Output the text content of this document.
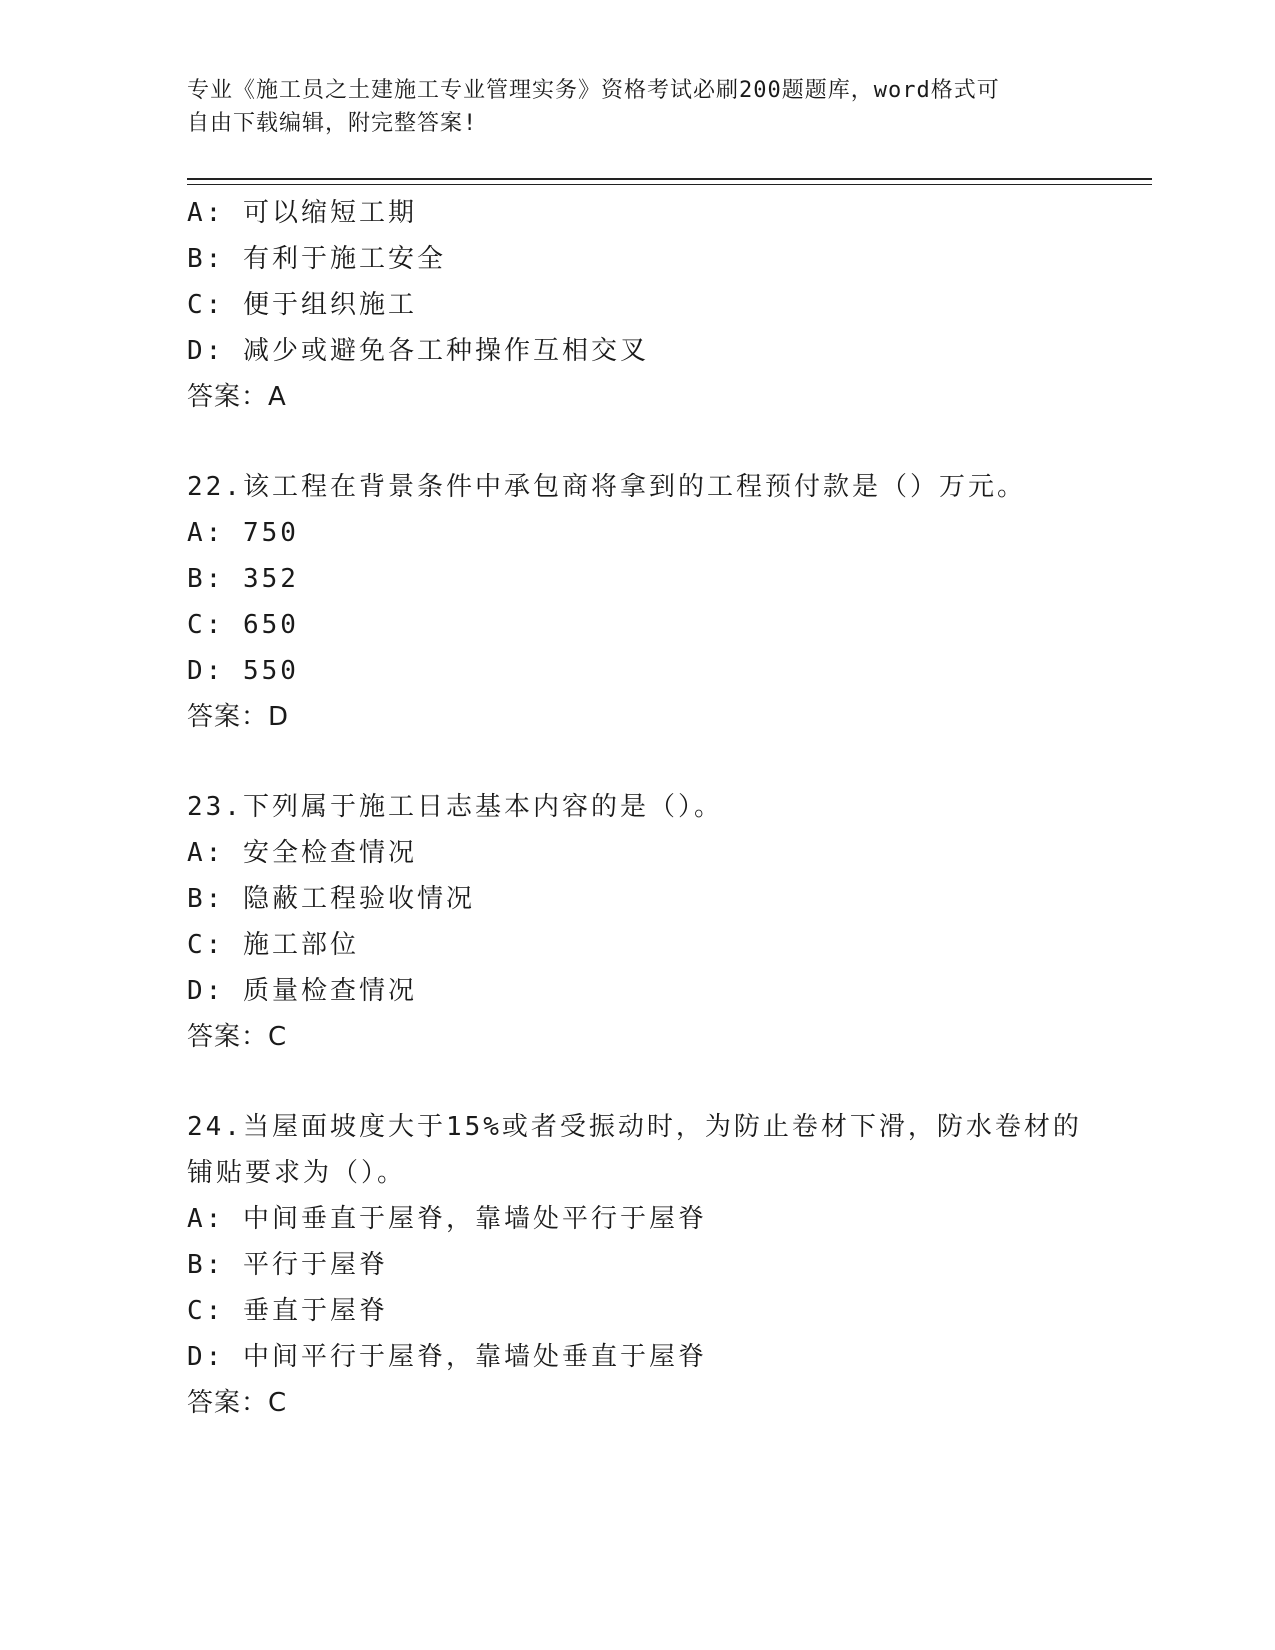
专业《施工员之土建施工专业管理实务》资格考试必刷200题题库，word格式可
自由下载编辑，附完整答案!
A: 可以缩短工期
B: 有利于施工安全
C: 便于组织施工
D: 减少或避免各工种操作互相交叉
答案：A
22.该工程在背景条件中承包商将拿到的工程预付款是（）万元。
A: 750
B: 352
C: 650
D: 550
答案：D
23.下列属于施工日志基本内容的是（）。
A: 安全检查情况
B: 隐蔽工程验收情况
C: 施工部位
D: 质量检查情况
答案：C
24.当屋面坡度大于15%或者受振动时，为防止卷材下滑，防水卷材的
铺贴要求为（）。
A: 中间垂直于屋脊，靠墙处平行于屋脊
B: 平行于屋脊
C: 垂直于屋脊
D: 中间平行于屋脊，靠墙处垂直于屋脊
答案：C
